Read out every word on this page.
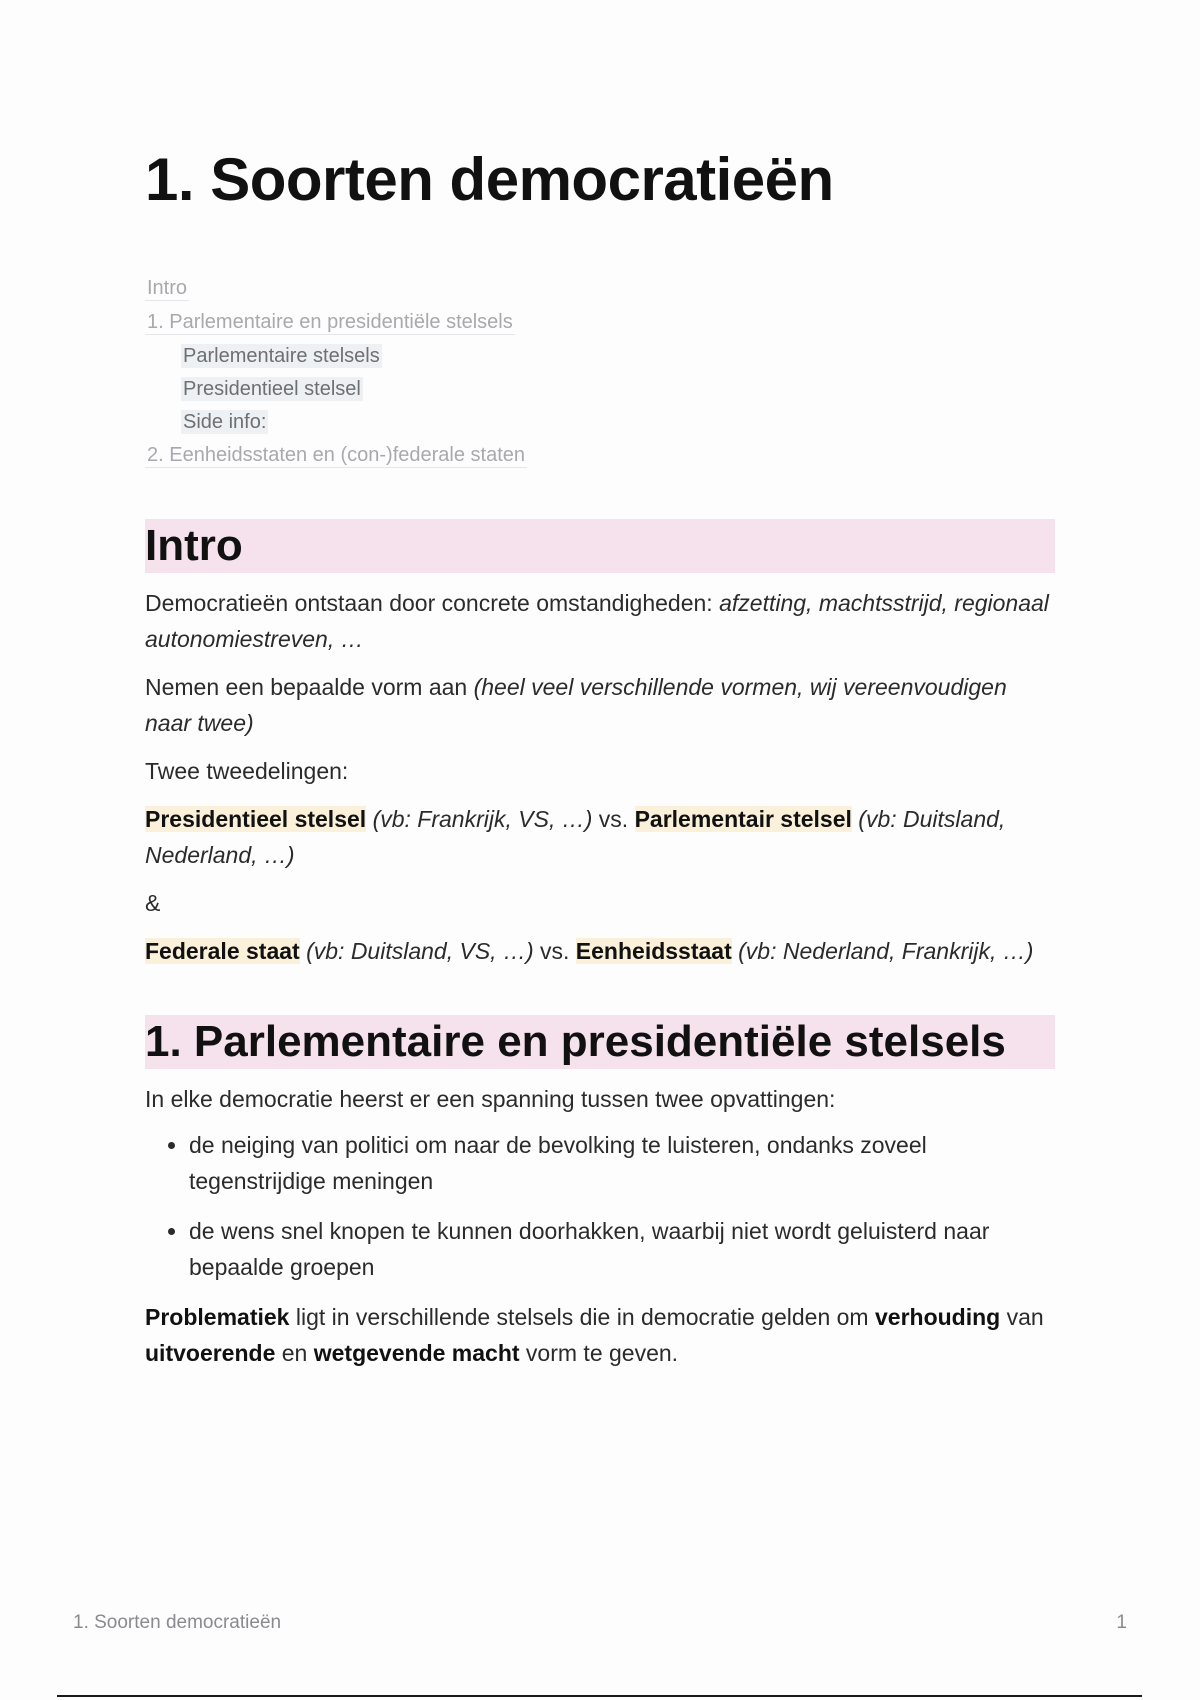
1. Soorten democratieën
Intro
1. Parlementaire en presidentiële stelsels
Parlementaire stelsels
Presidentieel stelsel
Side info:
2. Eenheidsstaten en (con-)federale staten
Intro

Democratieën ontstaan door concrete omstandigheden: afzetting, machtsstrijd, regionaal autonomiestreven, …

Nemen een bepaalde vorm aan (heel veel verschillende vormen, wij vereenvoudigen naar twee)

Twee tweedelingen:

Presidentieel stelsel (vb: Frankrijk, VS, …) vs. Parlementair stelsel (vb: Duitsland, Nederland, …)

&

Federale staat (vb: Duitsland, VS, …) vs. Eenheidsstaat (vb: Nederland, Frankrijk, …)

1. Parlementaire en presidentiële stelsels

In elke democratie heerst er een spanning tussen twee opvattingen:

• de neiging van politici om naar de bevolking te luisteren, ondanks zoveel tegenstrijdige meningen
• de wens snel knopen te kunnen doorhakken, waarbij niet wordt geluisterd naar bepaalde groepen

Problematiek ligt in verschillende stelsels die in democratie gelden om verhouding van uitvoerende en wetgevende macht vorm te geven.

1. Soorten democratieën	1
